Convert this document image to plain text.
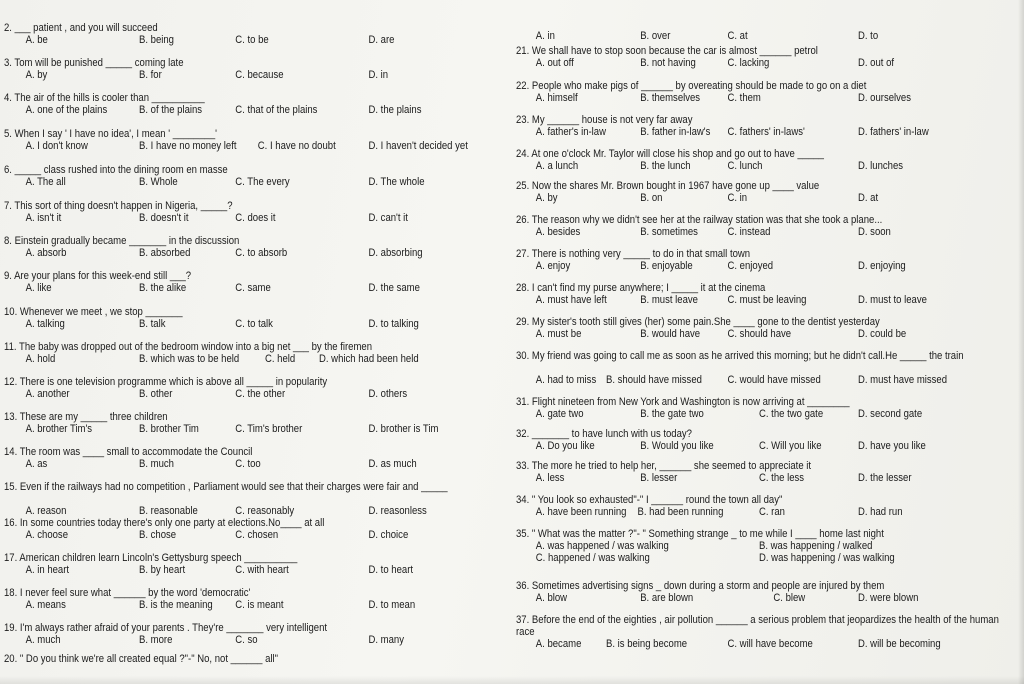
2. ___ patient , and you will succeed
A. be	B. being	C. to be	D. are
3. Tom will be punished _____ coming late
A. by	B. for	C. because	D. in
4. The air of the hills is cooler than __________
A. one of the plains	B. of the plains	C. that of the plains	D. the plains
5. When I say ' I have no idea', I mean ' ________'
A. I don't know	B. I have no money left C. I have no doubt	D. I haven't decided yet
6. _____ class rushed into the dining room en masse
A. The all	B. Whole	C. The every	D. The whole
7. This sort of thing doesn't happen in Nigeria, _____?
A. isn't it	B. doesn't it	C. does it	D. can't it
8. Einstein gradually became _______ in the discussion
A. absorb	B. absorbed	C. to absorb	D. absorbing
9. Are your plans for this week-end still ___?
A. like	B. the alike	C. same	D. the same
10. Whenever we meet , we stop _______
A. talking	B. talk	C. to talk	D. to talking
11. The baby was dropped out of the bedroom window into a big net ___ by the firemen
A. hold	B. which was to be held C. held D. which had been held
12. There is one television programme which is above all _____ in popularity
A. another	B. other	C. the other	D. others
13. These are my _____ three children
A. brother Tim's	B. brother Tim	C. Tim's brother	D. brother is Tim
14. The room was ____ small to accommodate the Council
A. as	B. much	C. too	D. as much
15. Even if the railways had no competition , Parliament would see that their charges were fair and _____
A. reason	B. reasonable	C. reasonably	D. reasonless
16. In some countries today there's only one party at elections.No____ at all
A. choose	B. chose	C. chosen	D. choice
17. American children learn Lincoln's Gettysburg speech __________
A. in heart	B. by heart	C. with heart	D. to heart
18. I never feel sure what ______ by the word 'democratic'
A. means	B. is the meaning C. is meant	D. to mean
19. I'm always rather afraid of your parents . They're _______ very intelligent
A. much	B. more	C. so	D. many
20. " Do you think we're all created equal ?"-" No, not ______ all"
A. in	B. over	C. at	D. to
21. We shall have to stop soon because the car is almost ______ petrol
A. out off	B. not having	C. lacking	D. out of
22. People who make pigs of ______ by overeating should be made to go on a diet
A. himself	B. themselves	C. them	D. ourselves
23. My ______ house is not very far away
A. father's in-law	B. father in-law's C. fathers' in-laws'	D. fathers' in-law
24. At one o'clock Mr. Taylor will close his shop and go out to have _____
A. a lunch	B. the lunch	C. lunch	D. lunches
25. Now the shares Mr. Brown bought in 1967 have gone up ____ value
A. by	B. on	C. in	D. at
26. The reason why we didn't see her at the railway station was that she took a plane...
A. besides	B. sometimes	C. instead	D. soon
27. There is nothing very _____ to do in that small town
A. enjoy	B. enjoyable	C. enjoyed	D. enjoying
28. I can't find my purse anywhere; I _____ it at the cinema
A. must have left	B. must leave	C. must be leaving	D. must to leave
29. My sister's tooth still gives (her) some pain.She ____ gone to the dentist yesterday
A. must be	B. would have	C. should have	D. could be
30. My friend was going to call me as soon as he arrived this morning; but he didn't call.He _____ the train
A. had to miss B. should have missed C. would have missed	D. must have missed
31. Flight nineteen from New York and Washington is now arriving at ________
A. gate two	B. the gate two	C. the two gate	D. second gate
32. _______ to have lunch with us today?
A. Do you like	B. Would you like	C. Will you like	D. have you like
33. The more he tried to help her, ______ she seemed to appreciate it
A. less	B. lesser	C. the less	D. the lesser
34. " You look so exhausted"-" I ______ round the town all day"
A. have been running B. had been running	C. ran	D. had run
35. " What was the matter ?"- " Something strange _ to me while I ____ home last night
A. was happened / was walking	B. was happening / walked
C. happened / was walking	D. was happening / was walking
36. Sometimes advertising signs _ down during a storm and people are injured by them
A. blow	B. are blown	C. blew	D. were blown
37. Before the end of the eighties , air pollution ______ a serious problem that jeopardizes the health of the human race
A. became B. is being become	C. will have become	D. will be becoming
